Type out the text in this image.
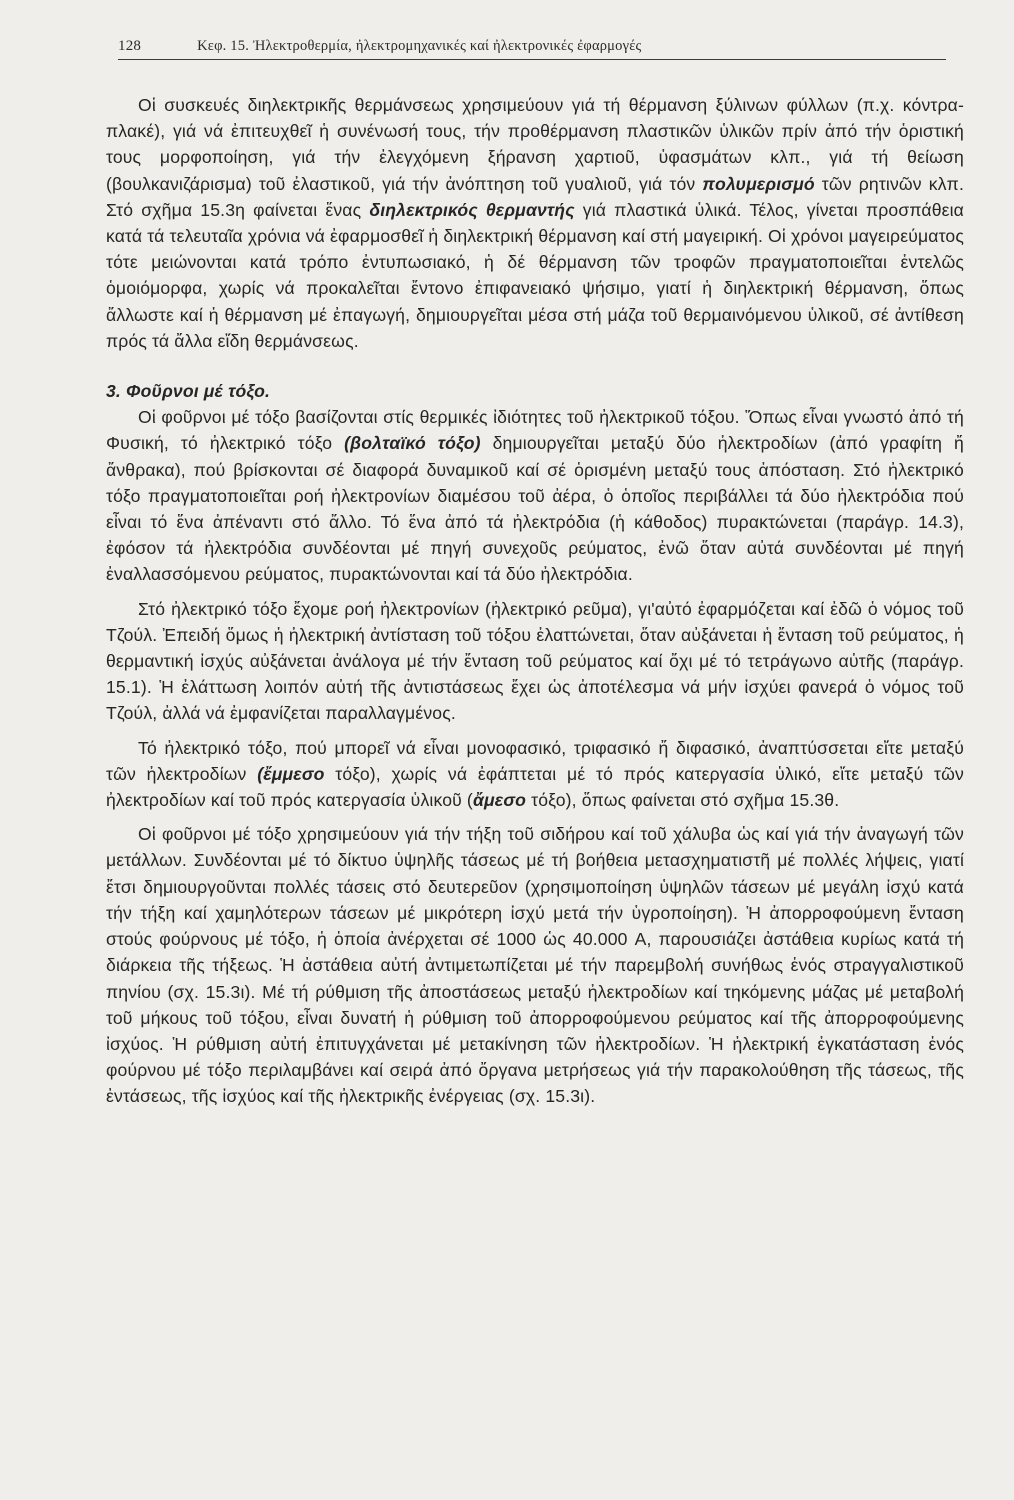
128	Κεφ. 15. Ἠλεκτροθερμία, ἠλεκτρομηχανικές καί ἠλεκτρονικές ἐφαρμογές

Οἱ συσκευές διηλεκτρικῆς θερμάνσεως χρησιμεύουν γιά τή θέρμανση ξύλινων φύλλων (π.χ. κόντρα-πλακέ), γιά νά ἐπιτευχθεῖ ἡ συνένωσή τους, τήν προθέρμανση πλαστικῶν ὑλικῶν πρίν ἀπό τήν ὁριστική τους μορφοποίηση, γιά τήν ἐλεγχόμενη ξήρανση χαρτιοῦ, ὑφασμάτων κλπ., γιά τή θείωση (βουλκανιζάρισμα) τοῦ ἐλαστικοῦ, γιά τήν ἀνόπτηση τοῦ γυαλιοῦ, γιά τόν πολυμερισμό τῶν ρητινῶν κλπ. Στό σχῆμα 15.3η φαίνεται ἕνας διηλεκτρικός θερμαντής γιά πλαστικά ὑλικά. Τέλος, γίνεται προσπάθεια κατά τά τελευταῖα χρόνια νά ἐφαρμοσθεῖ ἡ διηλεκτρική θέρμανση καί στή μαγειρική. Οἱ χρόνοι μαγειρεύματος τότε μειώνονται κατά τρόπο ἐντυπωσιακό, ἡ δέ θέρμανση τῶν τροφῶν πραγματοποιεῖται ἐντελῶς ὁμοιόμορφα, χωρίς νά προκαλεῖται ἔντονο ἐπιφανειακό ψήσιμο, γιατί ἡ διηλεκτρική θέρμανση, ὅπως ἄλλωστε καί ἡ θέρμανση μέ ἐπαγωγή, δημιουργεῖται μέσα στή μάζα τοῦ θερμαινόμενου ὑλικοῦ, σέ ἀντίθεση πρός τά ἄλλα εἴδη θερμάνσεως.

3. Φοῦρνοι μέ τόξο.

Οἱ φοῦρνοι μέ τόξο βασίζονται στίς θερμικές ἰδιότητες τοῦ ἠλεκτρικοῦ τόξου. Ὅπως εἶναι γνωστό ἀπό τή Φυσική, τό ἠλεκτρικό τόξο (βολταϊκό τόξο) δημιουργεῖται μεταξύ δύο ἠλεκτροδίων (ἀπό γραφίτη ἤ ἄνθρακα), πού βρίσκονται σέ διαφορά δυναμικοῦ καί σέ ὁρισμένη μεταξύ τους ἀπόσταση. Στό ἠλεκτρικό τόξο πραγματοποιεῖται ροή ἠλεκτρονίων διαμέσου τοῦ ἀέρα, ὁ ὁποῖος περιβάλλει τά δύο ἠλεκτρόδια πού εἶναι τό ἕνα ἀπέναντι στό ἄλλο. Τό ἕνα ἀπό τά ἠλεκτρόδια (ἡ κάθοδος) πυρακτώνεται (παράγρ. 14.3), ἐφόσον τά ἠλεκτρόδια συνδέονται μέ πηγή συνεχοῦς ρεύματος, ἐνῶ ὅταν αὐτά συνδέονται μέ πηγή ἐναλλασσόμενου ρεύματος, πυρακτώνονται καί τά δύο ἠλεκτρόδια.

Στό ἠλεκτρικό τόξο ἔχομε ροή ἠλεκτρονίων (ἠλεκτρικό ρεῦμα), γι'αὐτό ἐφαρμόζεται καί ἐδῶ ὁ νόμος τοῦ Τζούλ. Ἐπειδή ὅμως ἡ ἠλεκτρική ἀντίσταση τοῦ τόξου ἐλαττώνεται, ὅταν αὐξάνεται ἡ ἔνταση τοῦ ρεύματος, ἡ θερμαντική ἰσχύς αὐξάνεται ἀνάλογα μέ τήν ἔνταση τοῦ ρεύματος καί ὄχι μέ τό τετράγωνο αὐτῆς (παράγρ. 15.1). Ἡ ἐλάττωση λοιπόν αὐτή τῆς ἀντιστάσεως ἔχει ὡς ἀποτέλεσμα νά μήν ἰσχύει φανερά ὁ νόμος τοῦ Τζούλ, ἀλλά νά ἐμφανίζεται παραλλαγμένος.

Τό ἠλεκτρικό τόξο, πού μπορεῖ νά εἶναι μονοφασικό, τριφασικό ἤ διφασικό, ἀναπτύσσεται εἴτε μεταξύ τῶν ἠλεκτροδίων (ἔμμεσο τόξο), χωρίς νά ἐφάπτεται μέ τό πρός κατεργασία ὑλικό, εἴτε μεταξύ τῶν ἠλεκτροδίων καί τοῦ πρός κατεργασία ὑλικοῦ (ἄμεσο τόξο), ὅπως φαίνεται στό σχῆμα 15.3θ.

Οἱ φοῦρνοι μέ τόξο χρησιμεύουν γιά τήν τήξη τοῦ σιδήρου καί τοῦ χάλυβα ὡς καί γιά τήν ἀναγωγή τῶν μετάλλων. Συνδέονται μέ τό δίκτυο ὑψηλῆς τάσεως μέ τή βοήθεια μετασχηματιστῆ μέ πολλές λήψεις, γιατί ἔτσι δημιουργοῦνται πολλές τάσεις στό δευτερεῦον (χρησιμοποίηση ὑψηλῶν τάσεων μέ μεγάλη ἰσχύ κατά τήν τήξη καί χαμηλότερων τάσεων μέ μικρότερη ἰσχύ μετά τήν ὑγροποίηση). Ἡ ἀπορροφούμενη ἔνταση στούς φούρνους μέ τόξο, ἡ ὁποία ἀνέρχεται σέ 1000 ὡς 40.000 A, παρουσιάζει ἀστάθεια κυρίως κατά τή διάρκεια τῆς τήξεως. Ἡ ἀστάθεια αὐτή ἀντιμετωπίζεται μέ τήν παρεμβολή συνήθως ἑνός στραγγαλιστικοῦ πηνίου (σχ. 15.3ι). Μέ τή ρύθμιση τῆς ἀποστάσεως μεταξύ ἠλεκτροδίων καί τηκόμενης μάζας μέ μεταβολή τοῦ μήκους τοῦ τόξου, εἶναι δυνατή ἡ ρύθμιση τοῦ ἀπορροφούμενου ρεύματος καί τῆς ἀπορροφούμενης ἰσχύος. Ἡ ρύθμιση αὐτή ἐπιτυγχάνεται μέ μετακίνηση τῶν ἠλεκτροδίων. Ἡ ἠλεκτρική ἐγκατάσταση ἑνός φούρνου μέ τόξο περιλαμβάνει καί σειρά ἀπό ὄργανα μετρήσεως γιά τήν παρακολούθηση τῆς τάσεως, τῆς ἐντάσεως, τῆς ἰσχύος καί τῆς ἠλεκτρικῆς ἐνέργειας (σχ. 15.3ι).
